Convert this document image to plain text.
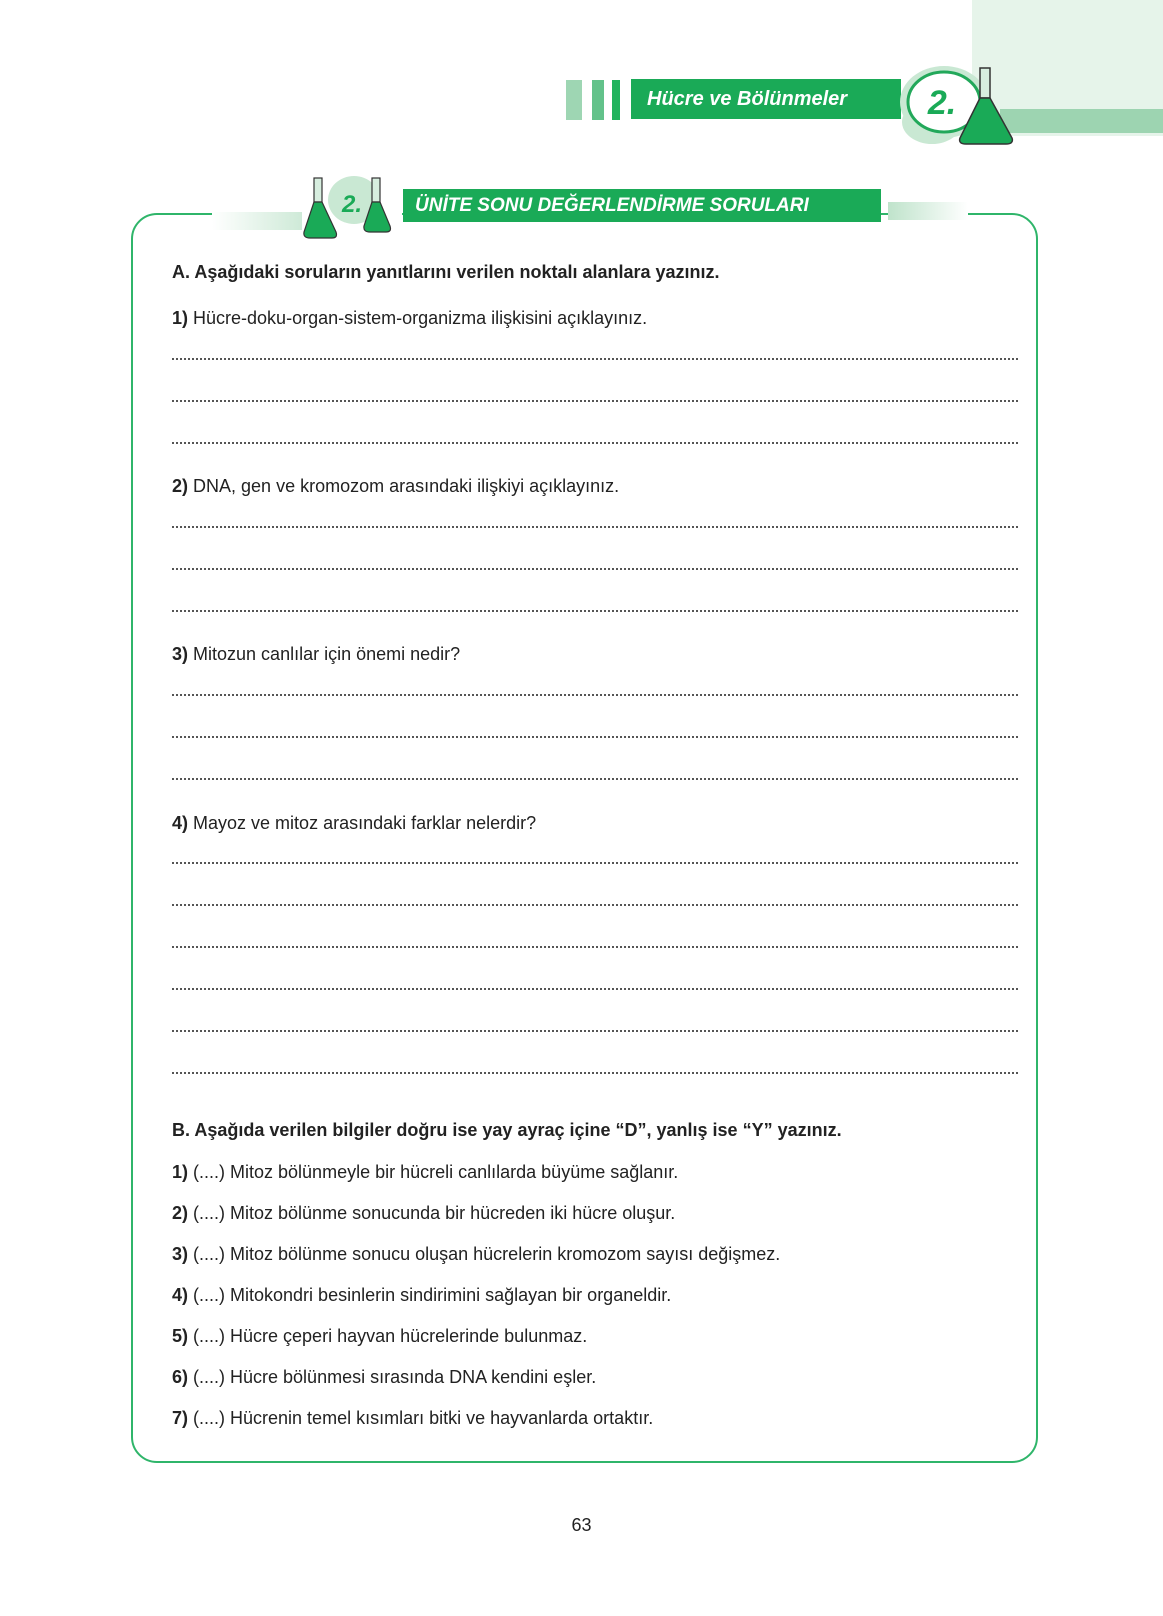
Hücre ve Bölünmeler	2.
2.	ÜNİTE SONU DEĞERLENDİRME SORULARI
A. Aşağıdaki soruların yanıtlarını verilen noktalı alanlara yazınız.
1) Hücre-doku-organ-sistem-organizma ilişkisini açıklayınız.
2) DNA, gen ve kromozom arasındaki ilişkiyi açıklayınız.
3) Mitozun canlılar için önemi nedir?
4) Mayoz ve mitoz arasındaki farklar nelerdir?
B. Aşağıda verilen bilgiler doğru ise yay ayraç içine “D”, yanlış ise “Y” yazınız.
1) (....) Mitoz bölünmeyle bir hücreli canlılarda büyüme sağlanır.
2) (....) Mitoz bölünme sonucunda bir hücreden iki hücre oluşur.
3) (....) Mitoz bölünme sonucu oluşan hücrelerin kromozom sayısı değişmez.
4) (....) Mitokondri besinlerin sindirimini sağlayan bir organeldir.
5) (....) Hücre çeperi hayvan hücrelerinde bulunmaz.
6) (....) Hücre bölünmesi sırasında DNA kendini eşler.
7) (....) Hücrenin temel kısımları bitki ve hayvanlarda ortaktır.
63
